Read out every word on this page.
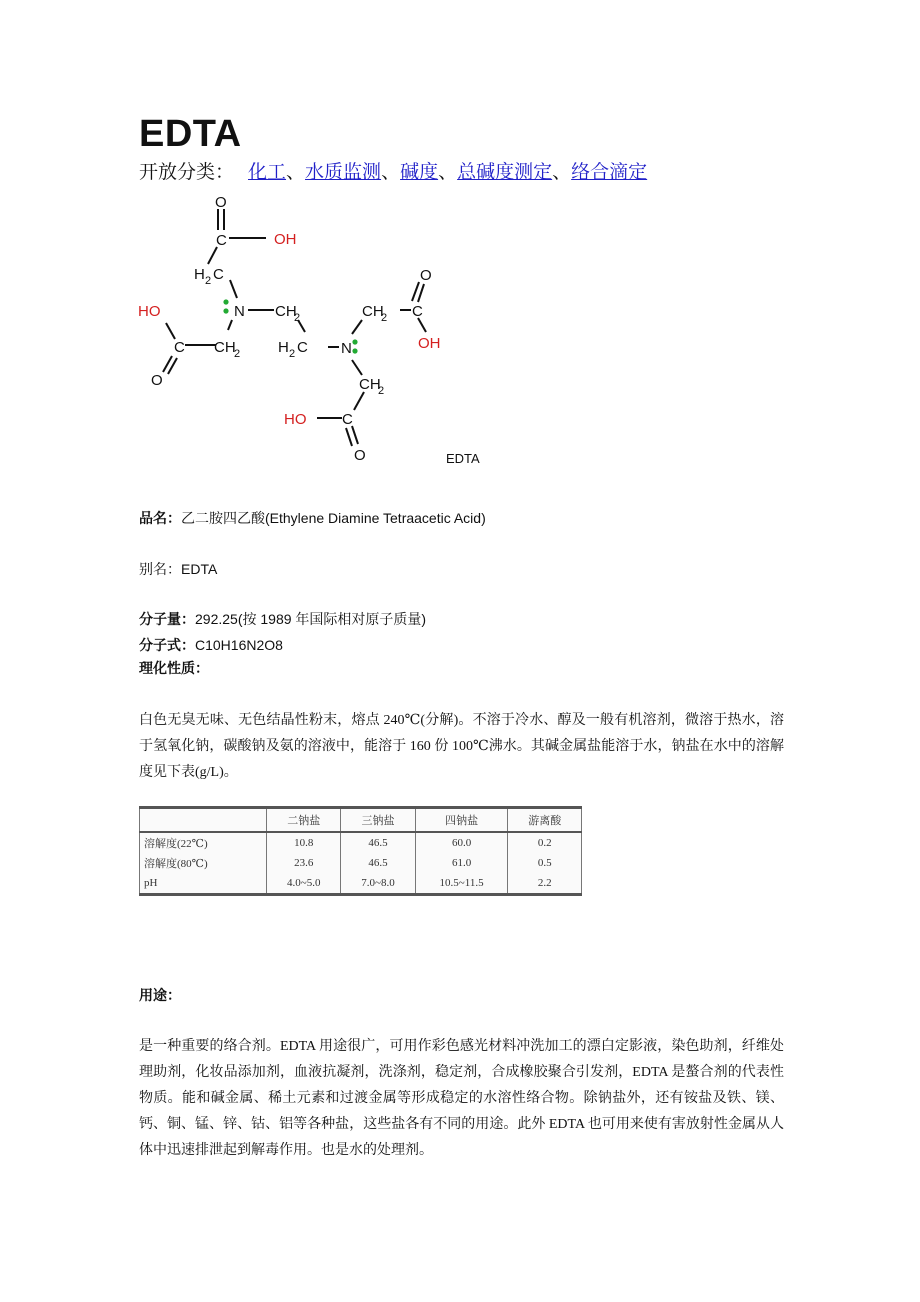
EDTA
开放分类： 化工、水质监测、碱度、总碱度测定、络合滴定
O
C	OH
H 2 C
N CH
2
HO
C CH
2
O
H 2 C N
CH
2 C
O
OH
CH
2
C
HO
O	EDTA
品名：乙二胺四乙酸(Ethylene Diamine Tetraacetic Acid)
别名：EDTA
分子量：292.25(按 1989 年国际相对原子质量)
分子式：C10H16N2O8
理化性质：
白色无臭无味、无色结晶性粉末，熔点 240℃(分解)。不溶于冷水、醇及一般有机溶剂，微溶于热水，溶于氢氧化钠，碳酸钠及氨的溶液中，能溶于 160 份 100℃沸水。其碱金属盐能溶于水，钠盐在水中的溶解度见下表(g/L)。
	二钠盐	三钠盐	四钠盐	游离酸
溶解度(22℃)	10.8	46.5	60.0	0.2
溶解度(80℃)	23.6	46.5	61.0	0.5
pH	4.0~5.0	7.0~8.0	10.5~11.5	2.2
用途：
是一种重要的络合剂。EDTA 用途很广，可用作彩色感光材料冲洗加工的漂白定影液，染色助剂，纤维处理助剂，化妆品添加剂，血液抗凝剂，洗涤剂，稳定剂，合成橡胶聚合引发剂，EDTA 是螯合剂的代表性物质。能和碱金属、稀土元素和过渡金属等形成稳定的水溶性络合物。除钠盐外，还有铵盐及铁、镁、钙、铜、锰、锌、钴、铝等各种盐，这些盐各有不同的用途。此外 EDTA 也可用来使有害放射性金属从人体中迅速排泄起到解毒作用。也是水的处理剂。
